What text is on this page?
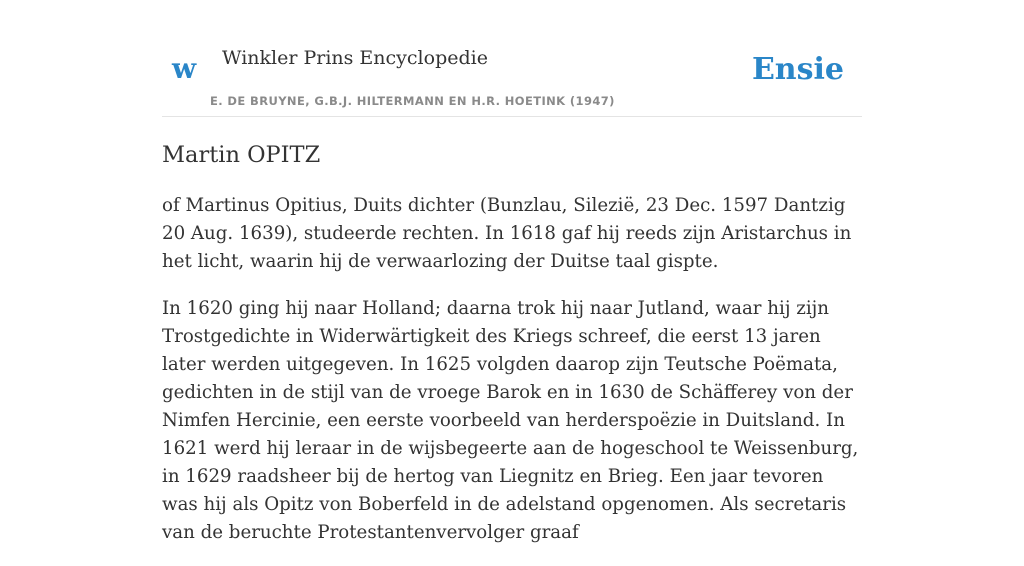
w Winkler Prins Encyclopedie
E. DE BRUYNE, G.B.J. HILTERMANN EN H.R. HOETINK (1947)
Ensie
Martin OPITZ

of Martinus Opitius, Duits dichter (Bunzlau, Silezië, 23 Dec. 1597 Dantzig 20 Aug. 1639), studeerde rechten. In 1618 gaf hij reeds zijn Aristarchus in het licht, waarin hij de verwaarlozing der Duitse taal gispte.

In 1620 ging hij naar Holland; daarna trok hij naar Jutland, waar hij zijn Trostgedichte in Widerwärtigkeit des Kriegs schreef, die eerst 13 jaren later werden uitgegeven. In 1625 volgden daarop zijn Teutsche Poëmata, gedichten in de stijl van de vroege Barok en in 1630 de Schäfferey von der Nimfen Hercinie, een eerste voorbeeld van herderspoëzie in Duitsland. In 1621 werd hij leraar in de wijsbegeerte aan de hogeschool te Weissenburg, in 1629 raadsheer bij de hertog van Liegnitz en Brieg. Een jaar tevoren was hij als Opitz von Boberfeld in de adelstand opgenomen. Als secretaris van de beruchte Protestantenvervolger graaf
